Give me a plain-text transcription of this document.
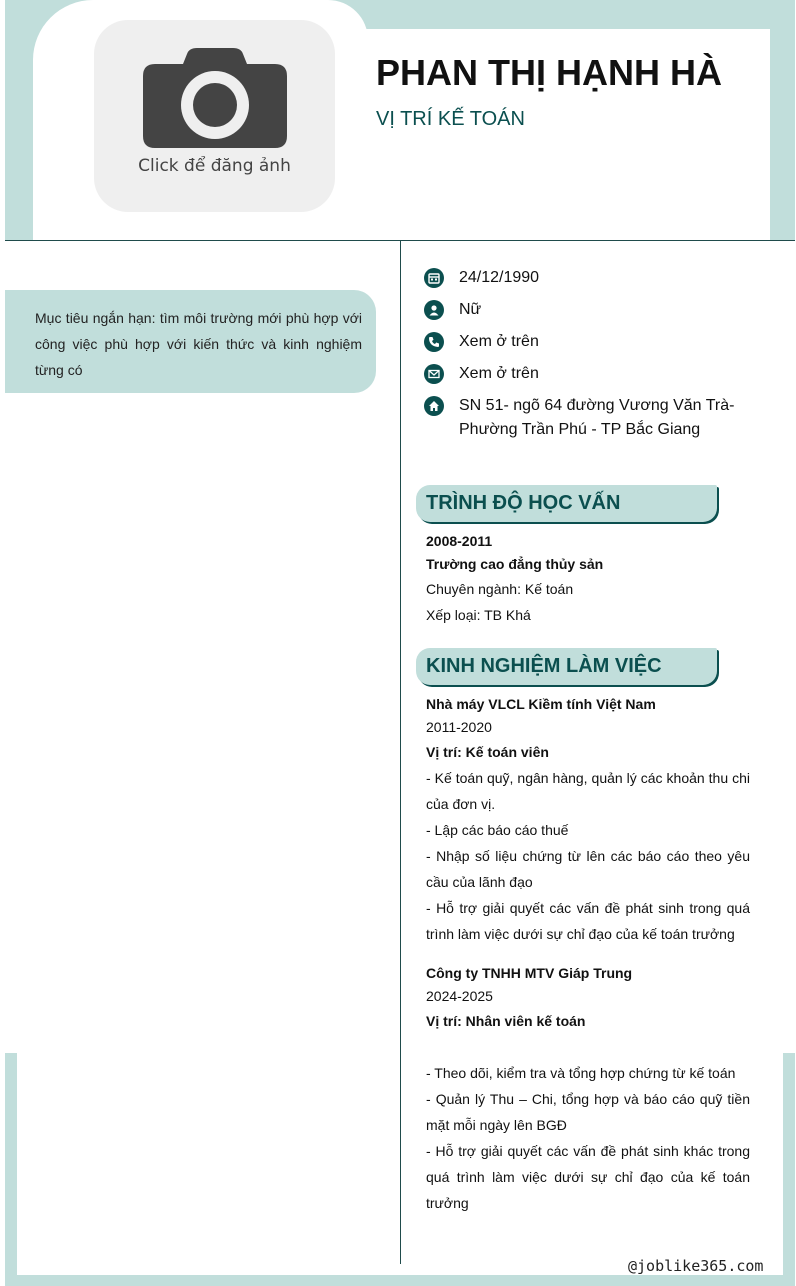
Click để đăng ảnh
PHAN THỊ HẠNH HÀ
VỊ TRÍ KẾ TOÁN
Mục tiêu ngắn hạn: tìm môi trường mới phù hợp với công việc phù hợp với kiến thức và kinh nghiệm từng có
24/12/1990
Nữ
Xem ở trên
Xem ở trên
SN 51- ngõ 64 đường Vương Văn Trà- Phường Trần Phú - TP Bắc Giang
TRÌNH ĐỘ HỌC VẤN
2008-2011
Trường cao đẳng thủy sản
Chuyên ngành: Kế toán
Xếp loại: TB Khá
KINH NGHIỆM LÀM VIỆC
Nhà máy VLCL Kiềm tính Việt Nam
2011-2020
Vị trí: Kế toán viên
- Kế toán quỹ, ngân hàng, quản lý các khoản thu chi của đơn vị.
- Lập các báo cáo thuế
- Nhập số liệu chứng từ lên các báo cáo theo yêu cầu của lãnh đạo
- Hỗ trợ giải quyết các vấn đề phát sinh trong quá trình làm việc dưới sự chỉ đạo của kế toán trưởng
Công ty TNHH MTV Giáp Trung
2024-2025
Vị trí: Nhân viên kế toán
- Theo dõi, kiểm tra và tổng hợp chứng từ kế toán
- Quản lý Thu – Chi, tổng hợp và báo cáo quỹ tiền mặt mỗi ngày lên BGĐ
- Hỗ trợ giải quyết các vấn đề phát sinh khác trong quá trình làm việc dưới sự chỉ đạo của kế toán trưởng
@joblike365.com
